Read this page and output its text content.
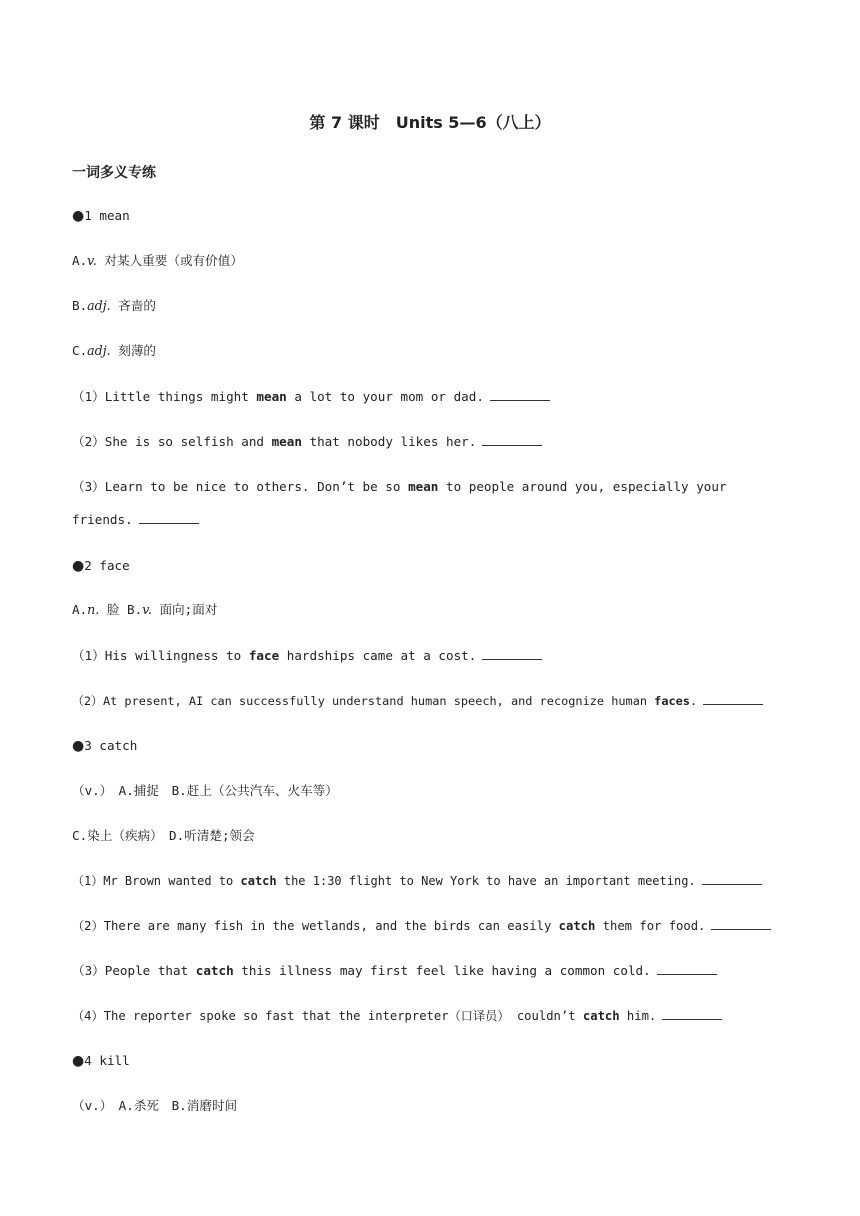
第 7 课时　Units 5—6（八上）
一词多义专练
●1 mean
A.v. 对某人重要（或有价值）
B.adj. 吝啬的
C.adj. 刻薄的
（1）Little things might mean a lot to your mom or dad.
（2）She is so selfish and mean that nobody likes her.
（3）Learn to be nice to others. Don’t be so mean to people around you, especially your
friends.
●2 face
A.n. 脸 B.v. 面向;面对
（1）His willingness to face hardships came at a cost.
（2）At present, AI can successfully understand human speech, and recognize human faces.
●3 catch
（v.）　A.捕捉　B.赶上（公共汽车、火车等）
C.染上（疾病）　D.听清楚;领会
（1）Mr Brown wanted to catch the 1:30 flight to New York to have an important meeting.
（2）There are many fish in the wetlands, and the birds can easily catch them for food.
（3）People that catch this illness may first feel like having a common cold.
（4）The reporter spoke so fast that the interpreter（口译员） couldn’t catch him.
●4 kill
（v.）　A.杀死　B.消磨时间
